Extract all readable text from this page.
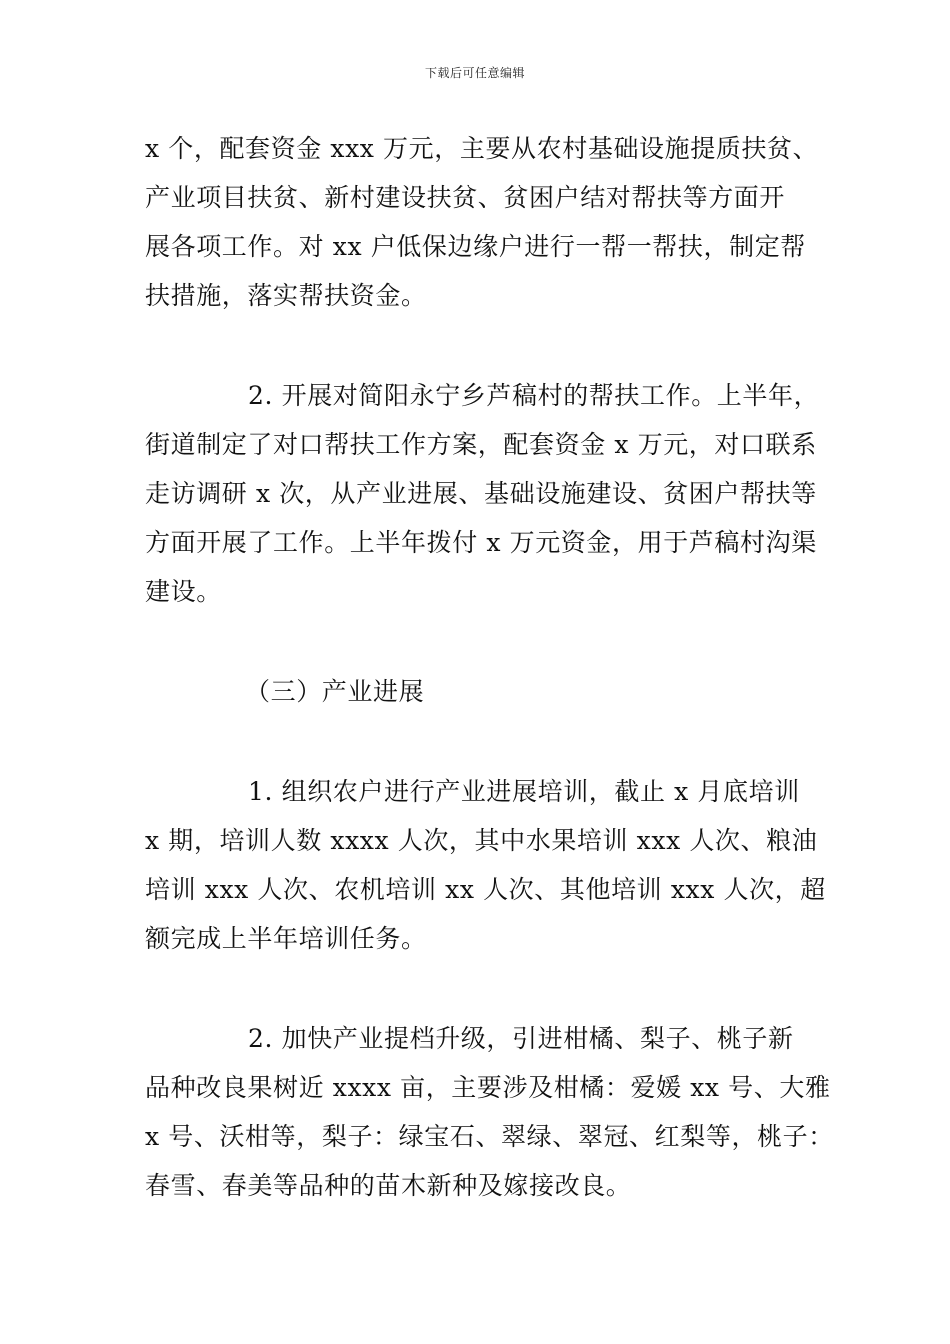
下载后可任意编辑
x 个，配套资金 xxx 万元，主要从农村基础设施提质扶贫、
产业项目扶贫、新村建设扶贫、贫困户结对帮扶等方面开
展各项工作。对 xx 户低保边缘户进行一帮一帮扶，制定帮
扶措施，落实帮扶资金。
2. 开展对简阳永宁乡芦稿村的帮扶工作。上半年，
街道制定了对口帮扶工作方案，配套资金 x 万元，对口联系
走访调研 x 次，从产业进展、基础设施建设、贫困户帮扶等
方面开展了工作。上半年拨付 x 万元资金，用于芦稿村沟渠
建设。
（三）产业进展
1. 组织农户进行产业进展培训，截止 x 月底培训
x 期，培训人数 xxxx 人次，其中水果培训 xxx 人次、粮油
培训 xxx 人次、农机培训 xx 人次、其他培训 xxx 人次，超
额完成上半年培训任务。
2. 加快产业提档升级，引进柑橘、梨子、桃子新
品种改良果树近 xxxx 亩，主要涉及柑橘：爱媛 xx 号、大雅
x 号、沃柑等，梨子：绿宝石、翠绿、翠冠、红梨等，桃子：
春雪、春美等品种的苗木新种及嫁接改良。
